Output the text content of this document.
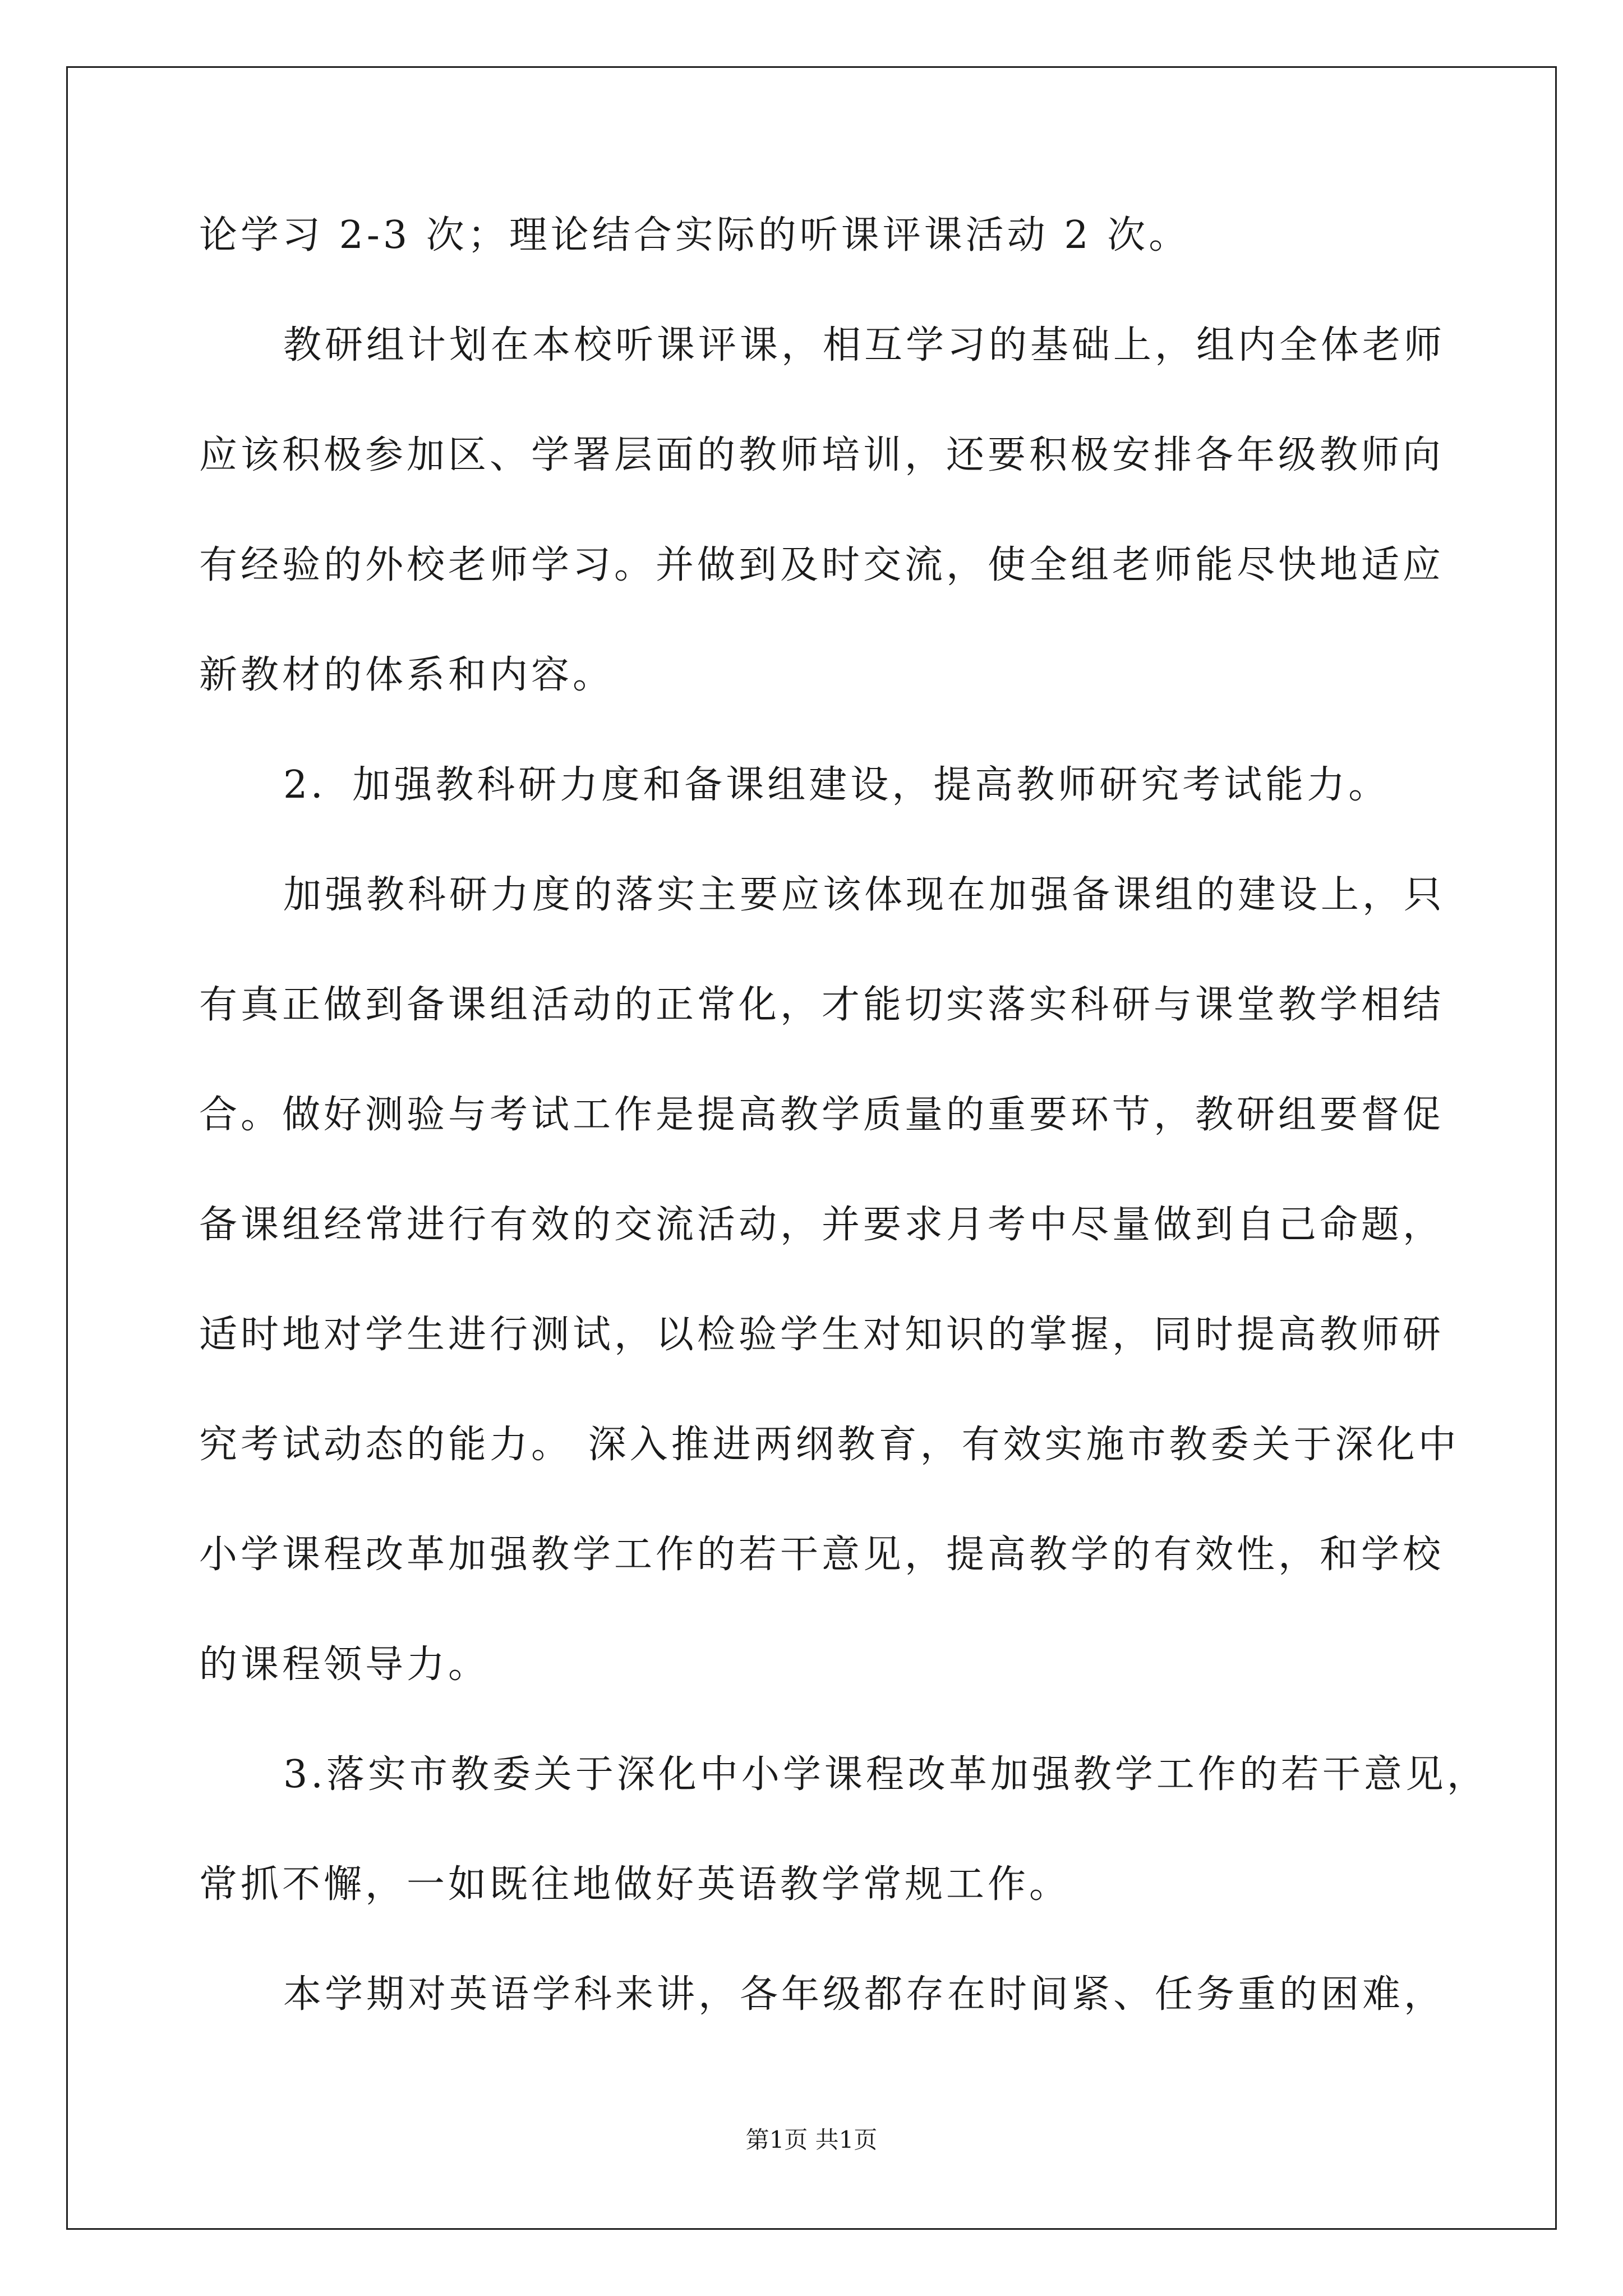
论学习 2-3 次；理论结合实际的听课评课活动 2 次。
教研组计划在本校听课评课，相互学习的基础上，组内全体老师
应该积极参加区、学署层面的教师培训，还要积极安排各年级教师向
有经验的外校老师学习。并做到及时交流，使全组老师能尽快地适应
新教材的体系和内容。
2．加强教科研力度和备课组建设，提高教师研究考试能力。
加强教科研力度的落实主要应该体现在加强备课组的建设上，只
有真正做到备课组活动的正常化，才能切实落实科研与课堂教学相结
合。做好测验与考试工作是提高教学质量的重要环节，教研组要督促
备课组经常进行有效的交流活动，并要求月考中尽量做到自己命题，
适时地对学生进行测试，以检验学生对知识的掌握，同时提高教师研
究考试动态的能力。 深入推进两纲教育，有效实施市教委关于深化中
小学课程改革加强教学工作的若干意见，提高教学的有效性，和学校
的课程领导力。
3.落实市教委关于深化中小学课程改革加强教学工作的若干意见，
常抓不懈，一如既往地做好英语教学常规工作。
本学期对英语学科来讲，各年级都存在时间紧、任务重的困难，
第1页 共1页
